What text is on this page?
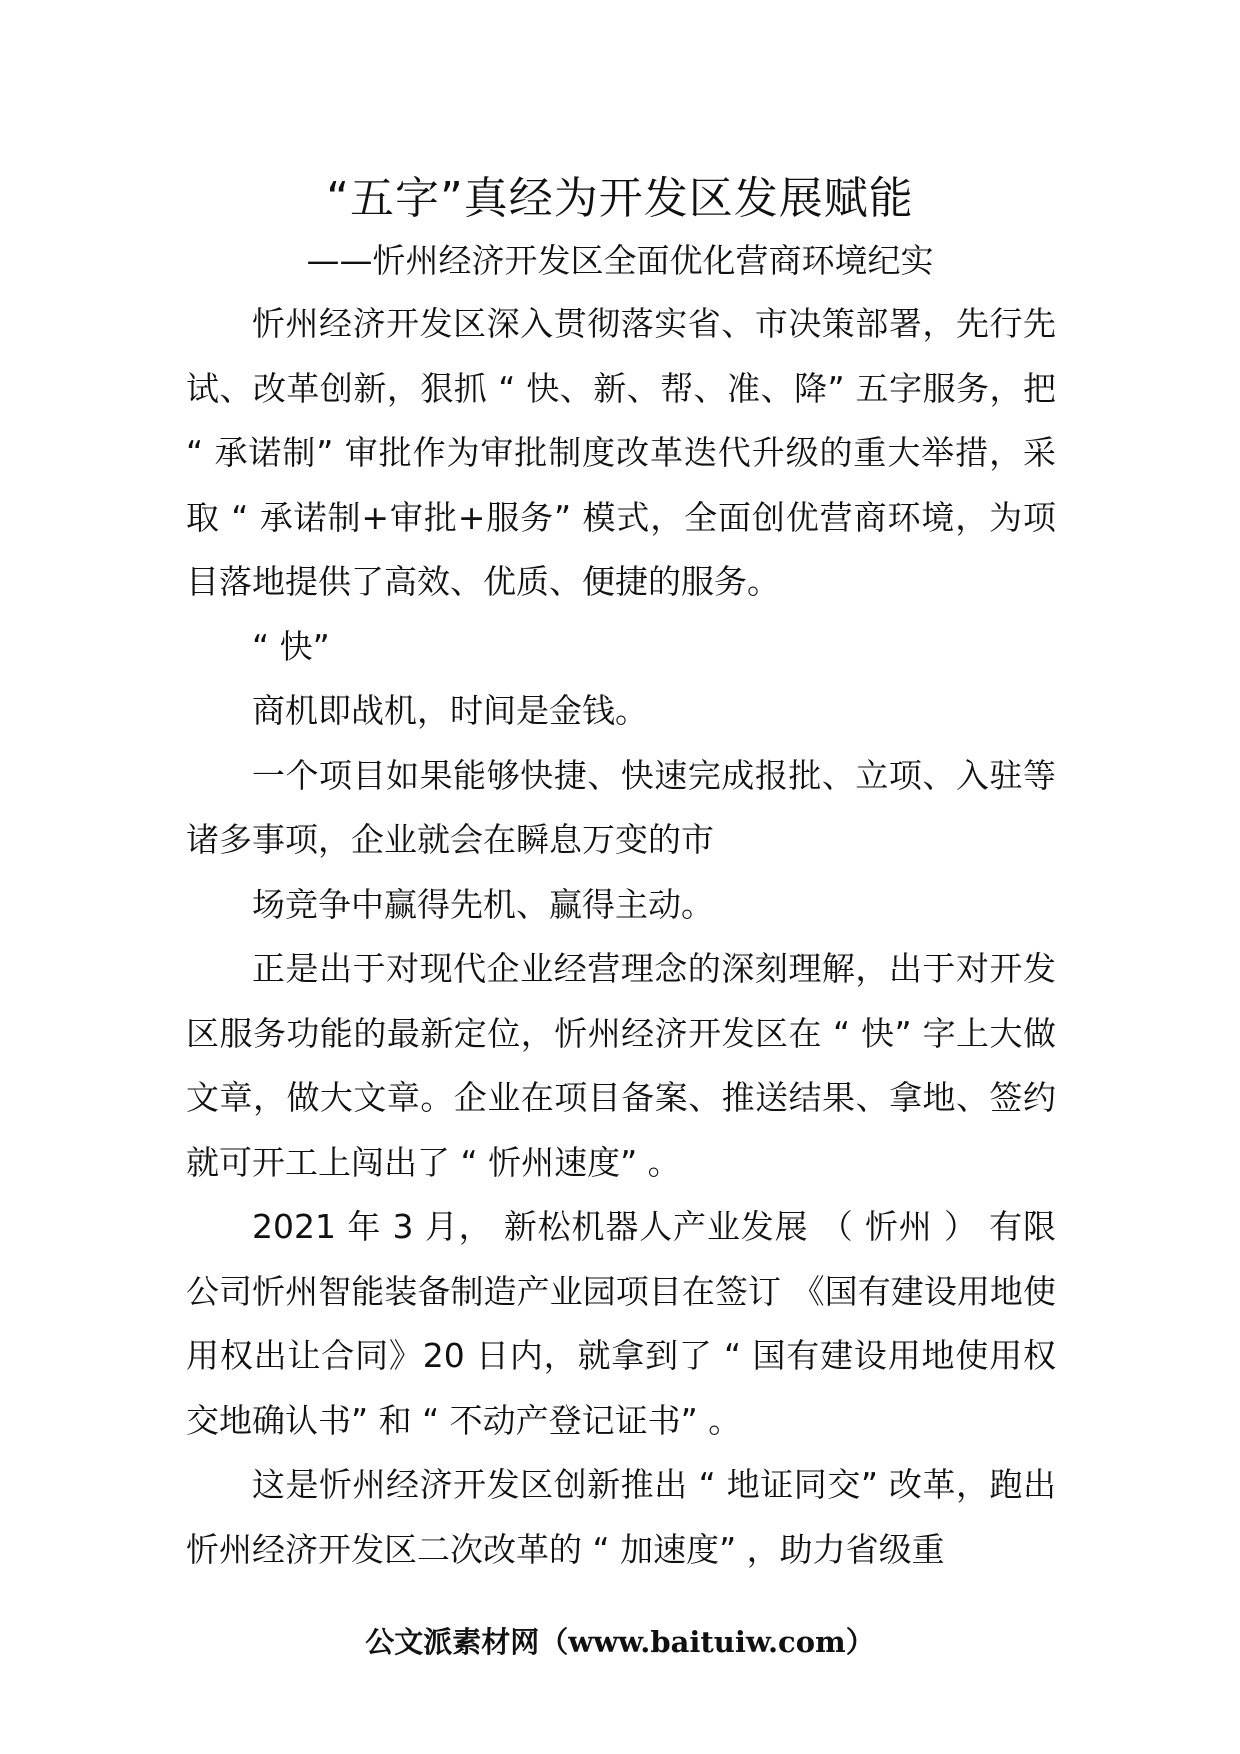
“五字”真经为开发区发展赋能
——忻州经济开发区全面优化营商环境纪实

忻州经济开发区深入贯彻落实省、市决策部署，先行先试、改革创新，狠抓 “ 快、新、帮、准、降” 五字服务，把 “ 承诺制” 审批作为审批制度改革迭代升级的重大举措，采取 “ 承诺制+审批+服务” 模式，全面创优营商环境，为项目落地提供了高效、优质、便捷的服务。

“ 快”

商机即战机，时间是金钱。

一个项目如果能够快捷、快速完成报批、立项、入驻等诸多事项，企业就会在瞬息万变的市

场竞争中赢得先机、赢得主动。

正是出于对现代企业经营理念的深刻理解，出于对开发区服务功能的最新定位，忻州经济开发区在 “ 快” 字上大做文章，做大文章。企业在项目备案、推送结果、拿地、签约就可开工上闯出了 “ 忻州速度” 。

2021 年 3 月， 新松机器人产业发展 （ 忻州 ） 有限公司忻州智能装备制造产业园项目在签订 《国有建设用地使用权出让合同》20 日内，就拿到了 “ 国有建设用地使用权交地确认书” 和 “ 不动产登记证书” 。

这是忻州经济开发区创新推出 “ 地证同交” 改革，跑出忻州经济开发区二次改革的 “ 加速度” ，助力省级重

公文派素材网（www.baituiw.com）
